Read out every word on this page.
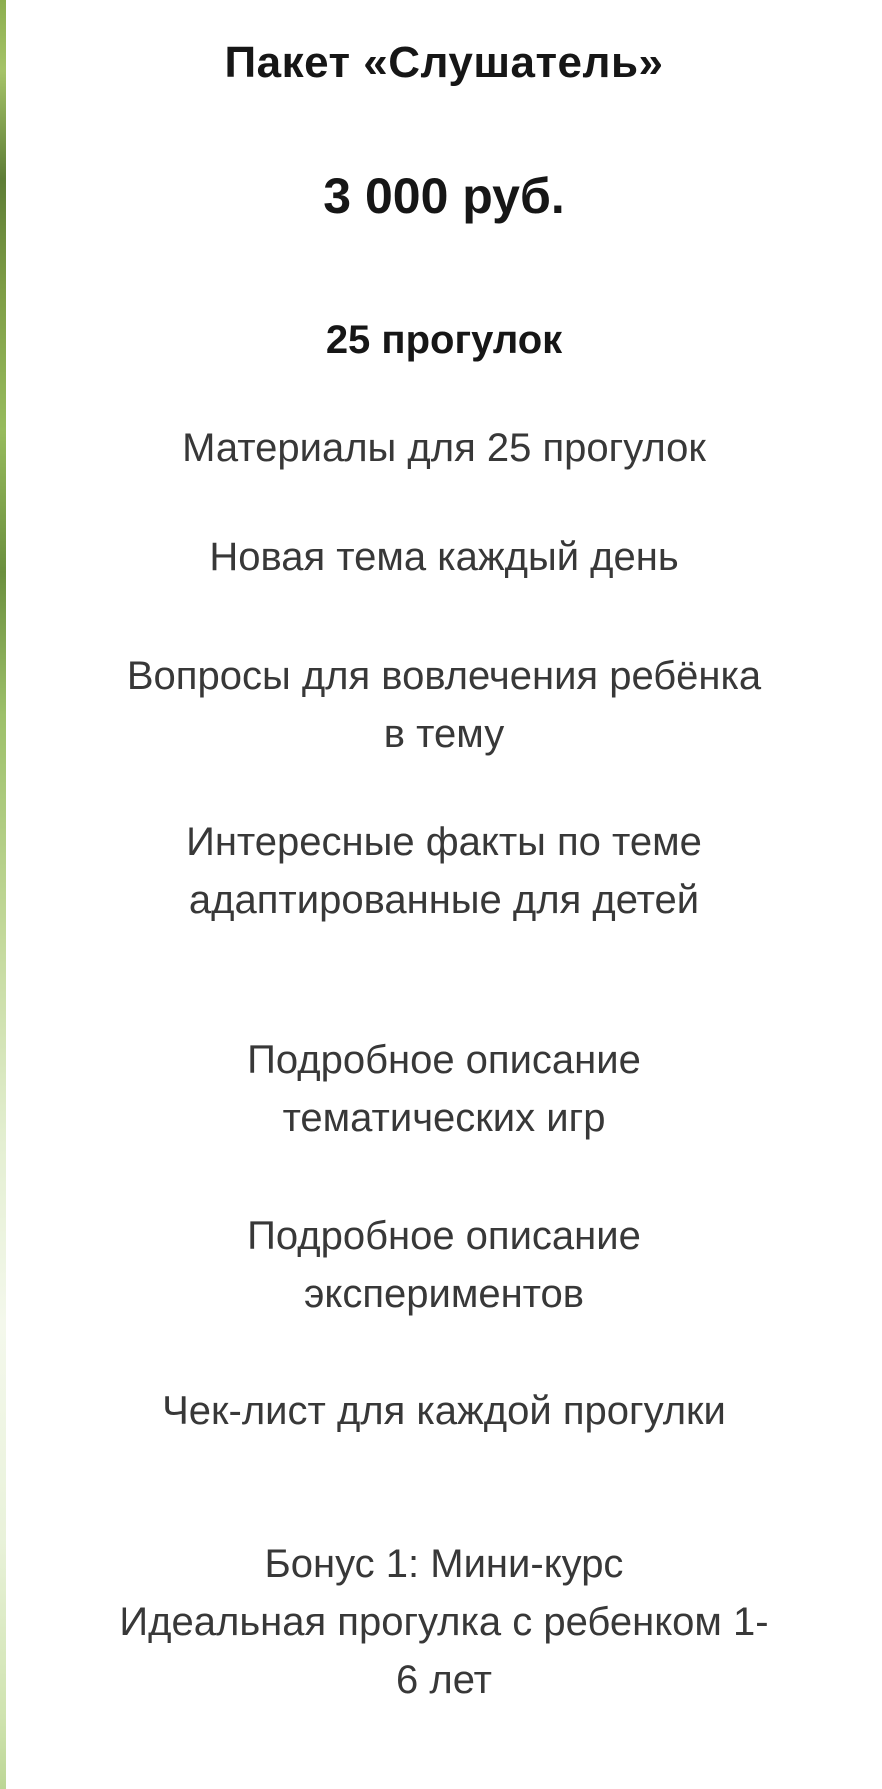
Пакет «Слушатель»
3 000 руб.
25 прогулок
Материалы для 25 прогулок
Новая тема каждый день
Вопросы для вовлечения ребёнка
в тему
Интересные факты по теме
адаптированные для детей
Подробное описание
тематических игр
Подробное описание
экспериментов
Чек-лист для каждой прогулки
Бонус 1: Мини-курс
Идеальная прогулка с ребенком 1-
6 лет
